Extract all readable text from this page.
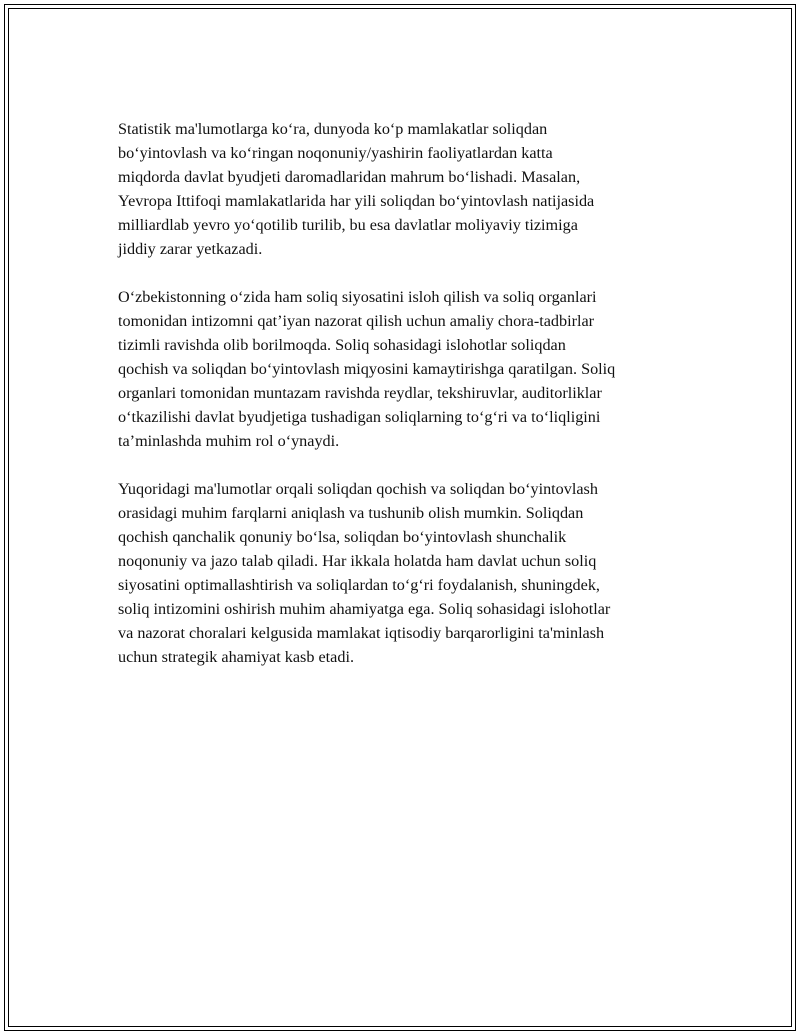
Statistik ma'lumotlarga ko‘ra, dunyoda ko‘p mamlakatlar soliqdan
bo‘yintovlash va ko‘ringan noqonuniy/yashirin faoliyatlardan katta
miqdorda davlat byudjeti daromadlaridan mahrum bo‘lishadi. Masalan,
Yevropa Ittifoqi mamlakatlarida har yili soliqdan bo‘yintovlash natijasida
milliardlab yevro yo‘qotilib turilib, bu esa davlatlar moliyaviy tizimiga
jiddiy zarar yetkazadi.

O‘zbekistonning o‘zida ham soliq siyosatini isloh qilish va soliq organlari
tomonidan intizomni qat’iyan nazorat qilish uchun amaliy chora-tadbirlar
tizimli ravishda olib borilmoqda. Soliq sohasidagi islohotlar soliqdan
qochish va soliqdan bo‘yintovlash miqyosini kamaytirishga qaratilgan. Soliq
organlari tomonidan muntazam ravishda reydlar, tekshiruvlar, auditorliklar
o‘tkazilishi davlat byudjetiga tushadigan soliqlarning to‘g‘ri va to‘liqligini
ta’minlashda muhim rol o‘ynaydi.

Yuqoridagi ma'lumotlar orqali soliqdan qochish va soliqdan bo‘yintovlash
orasidagi muhim farqlarni aniqlash va tushunib olish mumkin. Soliqdan
qochish qanchalik qonuniy bo‘lsa, soliqdan bo‘yintovlash shunchalik
noqonuniy va jazo talab qiladi. Har ikkala holatda ham davlat uchun soliq
siyosatini optimallashtirish va soliqlardan to‘g‘ri foydalanish, shuningdek,
soliq intizomini oshirish muhim ahamiyatga ega. Soliq sohasidagi islohotlar
va nazorat choralari kelgusida mamlakat iqtisodiy barqarorligini ta'minlash
uchun strategik ahamiyat kasb etadi.
